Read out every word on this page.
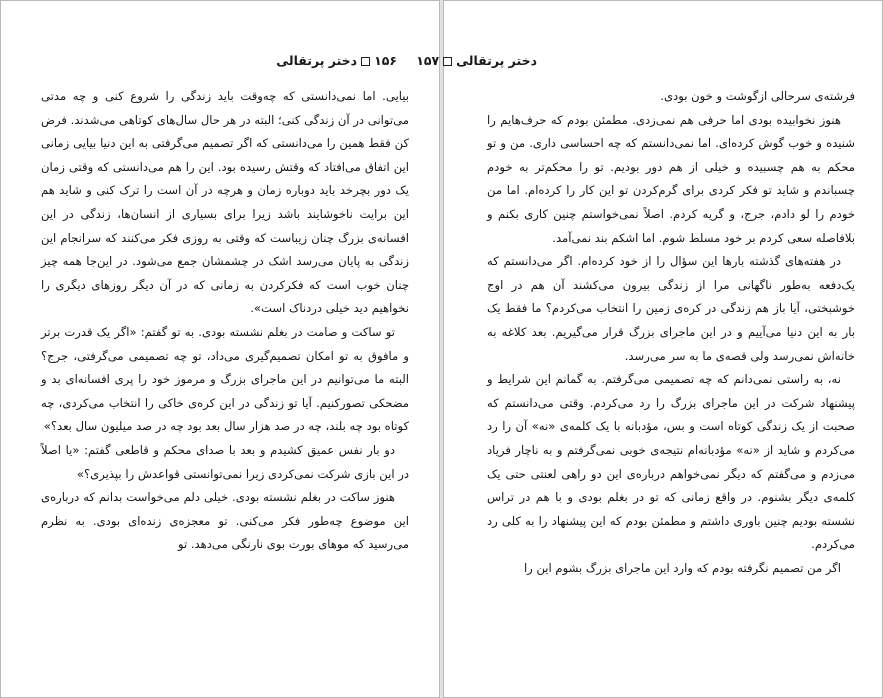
۱۵۶دختر پرتقالی

بیایی. اما نمی‌دانستی که چه‌وقت باید زندگی را شروع کنی و چه مدتی می‌توانی در آن زندگی کنی؛ البته در هر حال سال‌های کوتاهی می‌شدند. فرض کن فقط همین را می‌دانستی که اگر تصمیم می‌گرفتی به این دنیا بیایی زمانی این اتفاق می‌افتاد که وقتش رسیده بود. این را هم می‌دانستی که وقتی زمان یک دور بچرخد باید دوباره زمان و هرچه در آن است را ترک کنی و شاید هم این برایت ناخوشایند باشد زیرا برای بسیاری از انسان‌ها، زندگی در این افسانه‌ی بزرگ چنان زیباست که وقتی به روزی فکر می‌کنند که سرانجام این زندگی به پایان می‌رسد اشک در چشمشان جمع می‌شود. در این‌جا همه چیز چنان خوب است که فکرکردن به زمانی که در آن دیگر روزهای دیگری را نخواهیم دید خیلی دردناک است».

تو ساکت و صامت در بغلم نشسته بودی. به تو گفتم: «اگر یک قدرت برتر و مافوق به تو امکان تصمیم‌گیری می‌داد، تو چه تصمیمی می‌گرفتی، جرج؟ البته ما می‌توانیم در این ماجرای بزرگ و مرموز خود را پری افسانه‌ای بد و مضحکی تصورکنیم. آیا تو زندگی در این کره‌ی خاکی را انتخاب می‌کردی، چه کوتاه بود چه بلند، چه در صد هزار سال بعد بود چه در صد میلیون سال بعد؟»

دو بار نفس عمیق کشیدم و بعد با صدای محکم و قاطعی گفتم: «یا اصلاً در این بازی شرکت نمی‌کردی زیرا نمی‌توانستی قواعدش را بپذیری؟»

هنوز ساکت در بغلم نشسته بودی. خیلی دلم می‌خواست بدانم که درباره‌ی این موضوع چه‌طور فکر می‌کنی. تو معجزه‌ی زنده‌ای بودی. به نظرم می‌رسید که موهای بورت بوی نارنگی می‌دهد. تو

دختر پرتقالی۱۵۷

فرشته‌ی سرحالی ازگوشت و خون بودی.

هنوز نخوابیده بودی اما حرفی هم نمی‌زدی. مطمئن بودم که حرف‌هایم را شنیده و خوب گوش کرده‌ای. اما نمی‌دانستم که چه احساسی داری. من و تو محکم به هم چسبیده و خیلی از هم دور بودیم. تو را محکم‌تر به خودم چسباندم و شاید تو فکر کردی برای گرم‌کردن تو این کار را کرده‌ام. اما من خودم را لو دادم، جرج، و گریه کردم. اصلاً نمی‌خواستم چنین کاری بکنم و بلافاصله سعی کردم بر خود مسلط شوم. اما اشکم بند نمی‌آمد.

در هفته‌های گذشته بارها این سؤال را از خود کرده‌ام. اگر می‌دانستم که یک‌دفعه به‌طور ناگهانی مرا از زندگی بیرون می‌کشند آن هم در اوج خوشبختی، آیا باز هم زندگی در کره‌ی زمین را انتخاب می‌کردم؟ ما فقط یک بار به این دنیا می‌آییم و در این ماجرای بزرگ قرار می‌گیریم. بعد کلاغه به خانه‌اش نمی‌رسد ولی قصه‌ی ما به سر می‌رسد.

نه، به راستی نمی‌دانم که چه تصمیمی می‌گرفتم. به گمانم این شرایط و پیشنهاد شرکت در این ماجرای بزرگ را رد می‌کردم. وقتی می‌دانستم که صحبت از یک زندگی کوتاه است و بس، مؤدبانه با یک کلمه‌ی «نه» آن را رد می‌کردم و شاید از «نه» مؤدبانه‌ام نتیجه‌ی خوبی نمی‌گرفتم و به ناچار فریاد می‌زدم و می‌گفتم که دیگر نمی‌خواهم درباره‌ی این دو راهی لعنتی حتی یک کلمه‌ی دیگر بشنوم. در واقع زمانی که تو در بغلم بودی و با هم در تراس نشسته بودیم چنین باوری داشتم و مطمئن بودم که این پیشنهاد را به کلی رد می‌کردم.

اگر من تصمیم نگرفته بودم که وارد این ماجرای بزرگ بشوم این را
